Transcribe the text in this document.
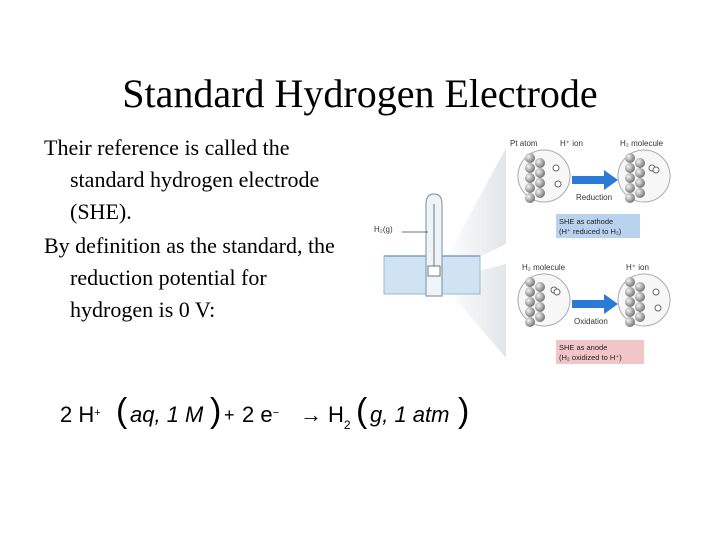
Standard Hydrogen Electrode

Their reference is called the standard hydrogen electrode (SHE).

By definition as the standard, the reduction potential for hydrogen is 0 V:

2 H+ ( aq, 1 M ) + 2 $e^- \to H_2$ ( g, 1 atm )
H₂(g)
Pt atom	H⁺ ion	H₂ molecule
Reduction
SHE as cathode
(H⁺ reduced to H₂)
H₂ molecule	H⁺ ion
Oxidation
SHE as anode
(H₂ oxidized to H⁺)
